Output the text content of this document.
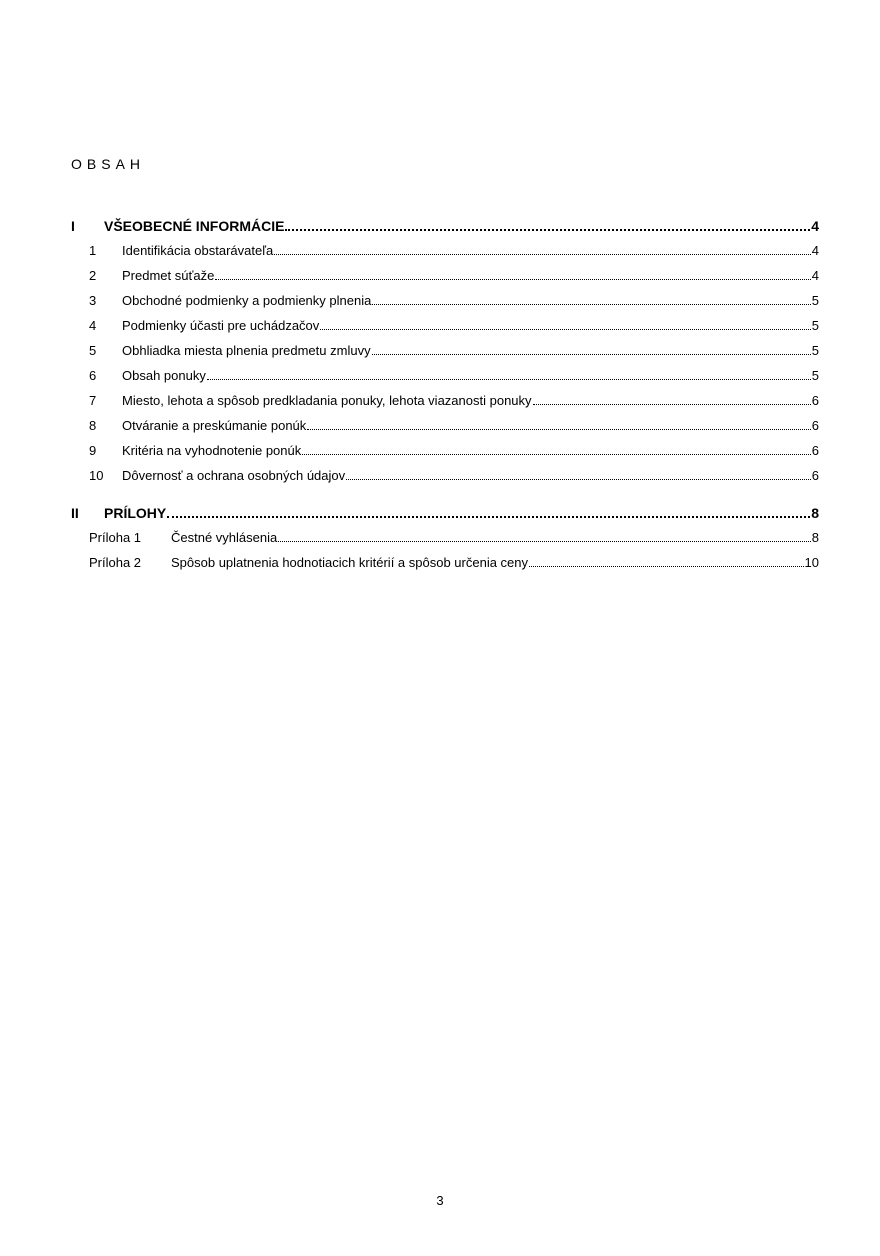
OBSAH
I	VŠEOBECNÉ INFORMÁCIE	4
1	Identifikácia obstarávateľa	4
2	Predmet súťaže	4
3	Obchodné podmienky a podmienky plnenia	5
4	Podmienky účasti pre uchádzačov	5
5	Obhliadka miesta plnenia predmetu zmluvy	5
6	Obsah ponuky	5
7	Miesto, lehota a spôsob predkladania ponuky, lehota viazanosti ponuky	6
8	Otváranie a preskúmanie ponúk	6
9	Kritéria na vyhodnotenie ponúk	6
10	Dôvernosť a ochrana osobných údajov	6
II	PRÍLOHY	8
Príloha 1	Čestné vyhlásenia	8
Príloha 2	Spôsob uplatnenia hodnotiacich kritérií a spôsob určenia ceny	10
3
